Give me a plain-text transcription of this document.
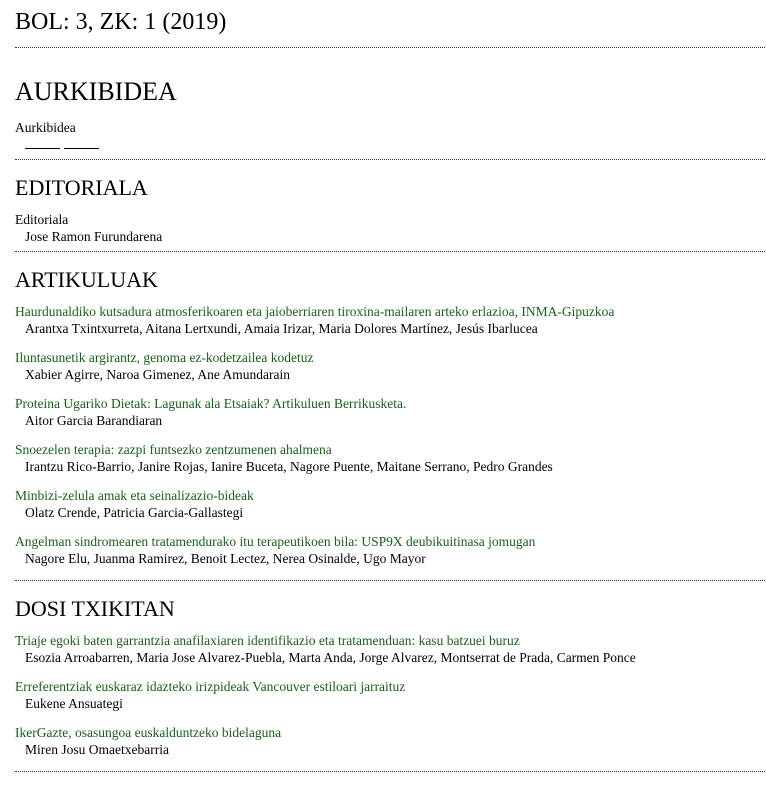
BOL: 3, ZK: 1 (2019)
AURKIBIDEA
Aurkibidea
EDITORIALA
Editoriala
Jose Ramon Furundarena
ARTIKULUAK
Haurdunaldiko kutsadura atmosferikoaren eta jaioberriaren tiroxina-mailaren arteko erlazioa, INMA-Gipuzkoa
Arantxa Txintxurreta, Aitana Lertxundi, Amaia Irizar, Maria Dolores Martínez, Jesús Ibarlucea
Iluntasunetik argirantz, genoma ez-kodetzailea kodetuz
Xabier Agirre, Naroa Gimenez, Ane Amundarain
Proteina Ugariko Dietak: Lagunak ala Etsaiak? Artikuluen Berrikusketa.
Aitor Garcia Barandiaran
Snoezelen terapia: zazpi funtsezko zentzumenen ahalmena
Irantzu Rico-Barrio, Janire Rojas, Ianire Buceta, Nagore Puente, Maitane Serrano, Pedro Grandes
Minbizi-zelula amak eta seinalizazio-bideak
Olatz Crende, Patricia Garcia-Gallastegi
Angelman sindromearen tratamendurako itu terapeutikoen bila: USP9X deubikuitinasa jomugan
Nagore Elu, Juanma Ramirez, Benoit Lectez, Nerea Osinalde, Ugo Mayor
DOSI TXIKITAN
Triaje egoki baten garrantzia anafilaxiaren identifikazio eta tratamenduan: kasu batzuei buruz
Esozia Arroabarren, Maria Jose Alvarez-Puebla, Marta Anda, Jorge Alvarez, Montserrat de Prada, Carmen Ponce
Erreferentziak euskaraz idazteko irizpideak Vancouver estiloari jarraituz
Eukene Ansuategi
IkerGazte, osasungoa euskalduntzeko bidelaguna
Miren Josu Omaetxebarria
